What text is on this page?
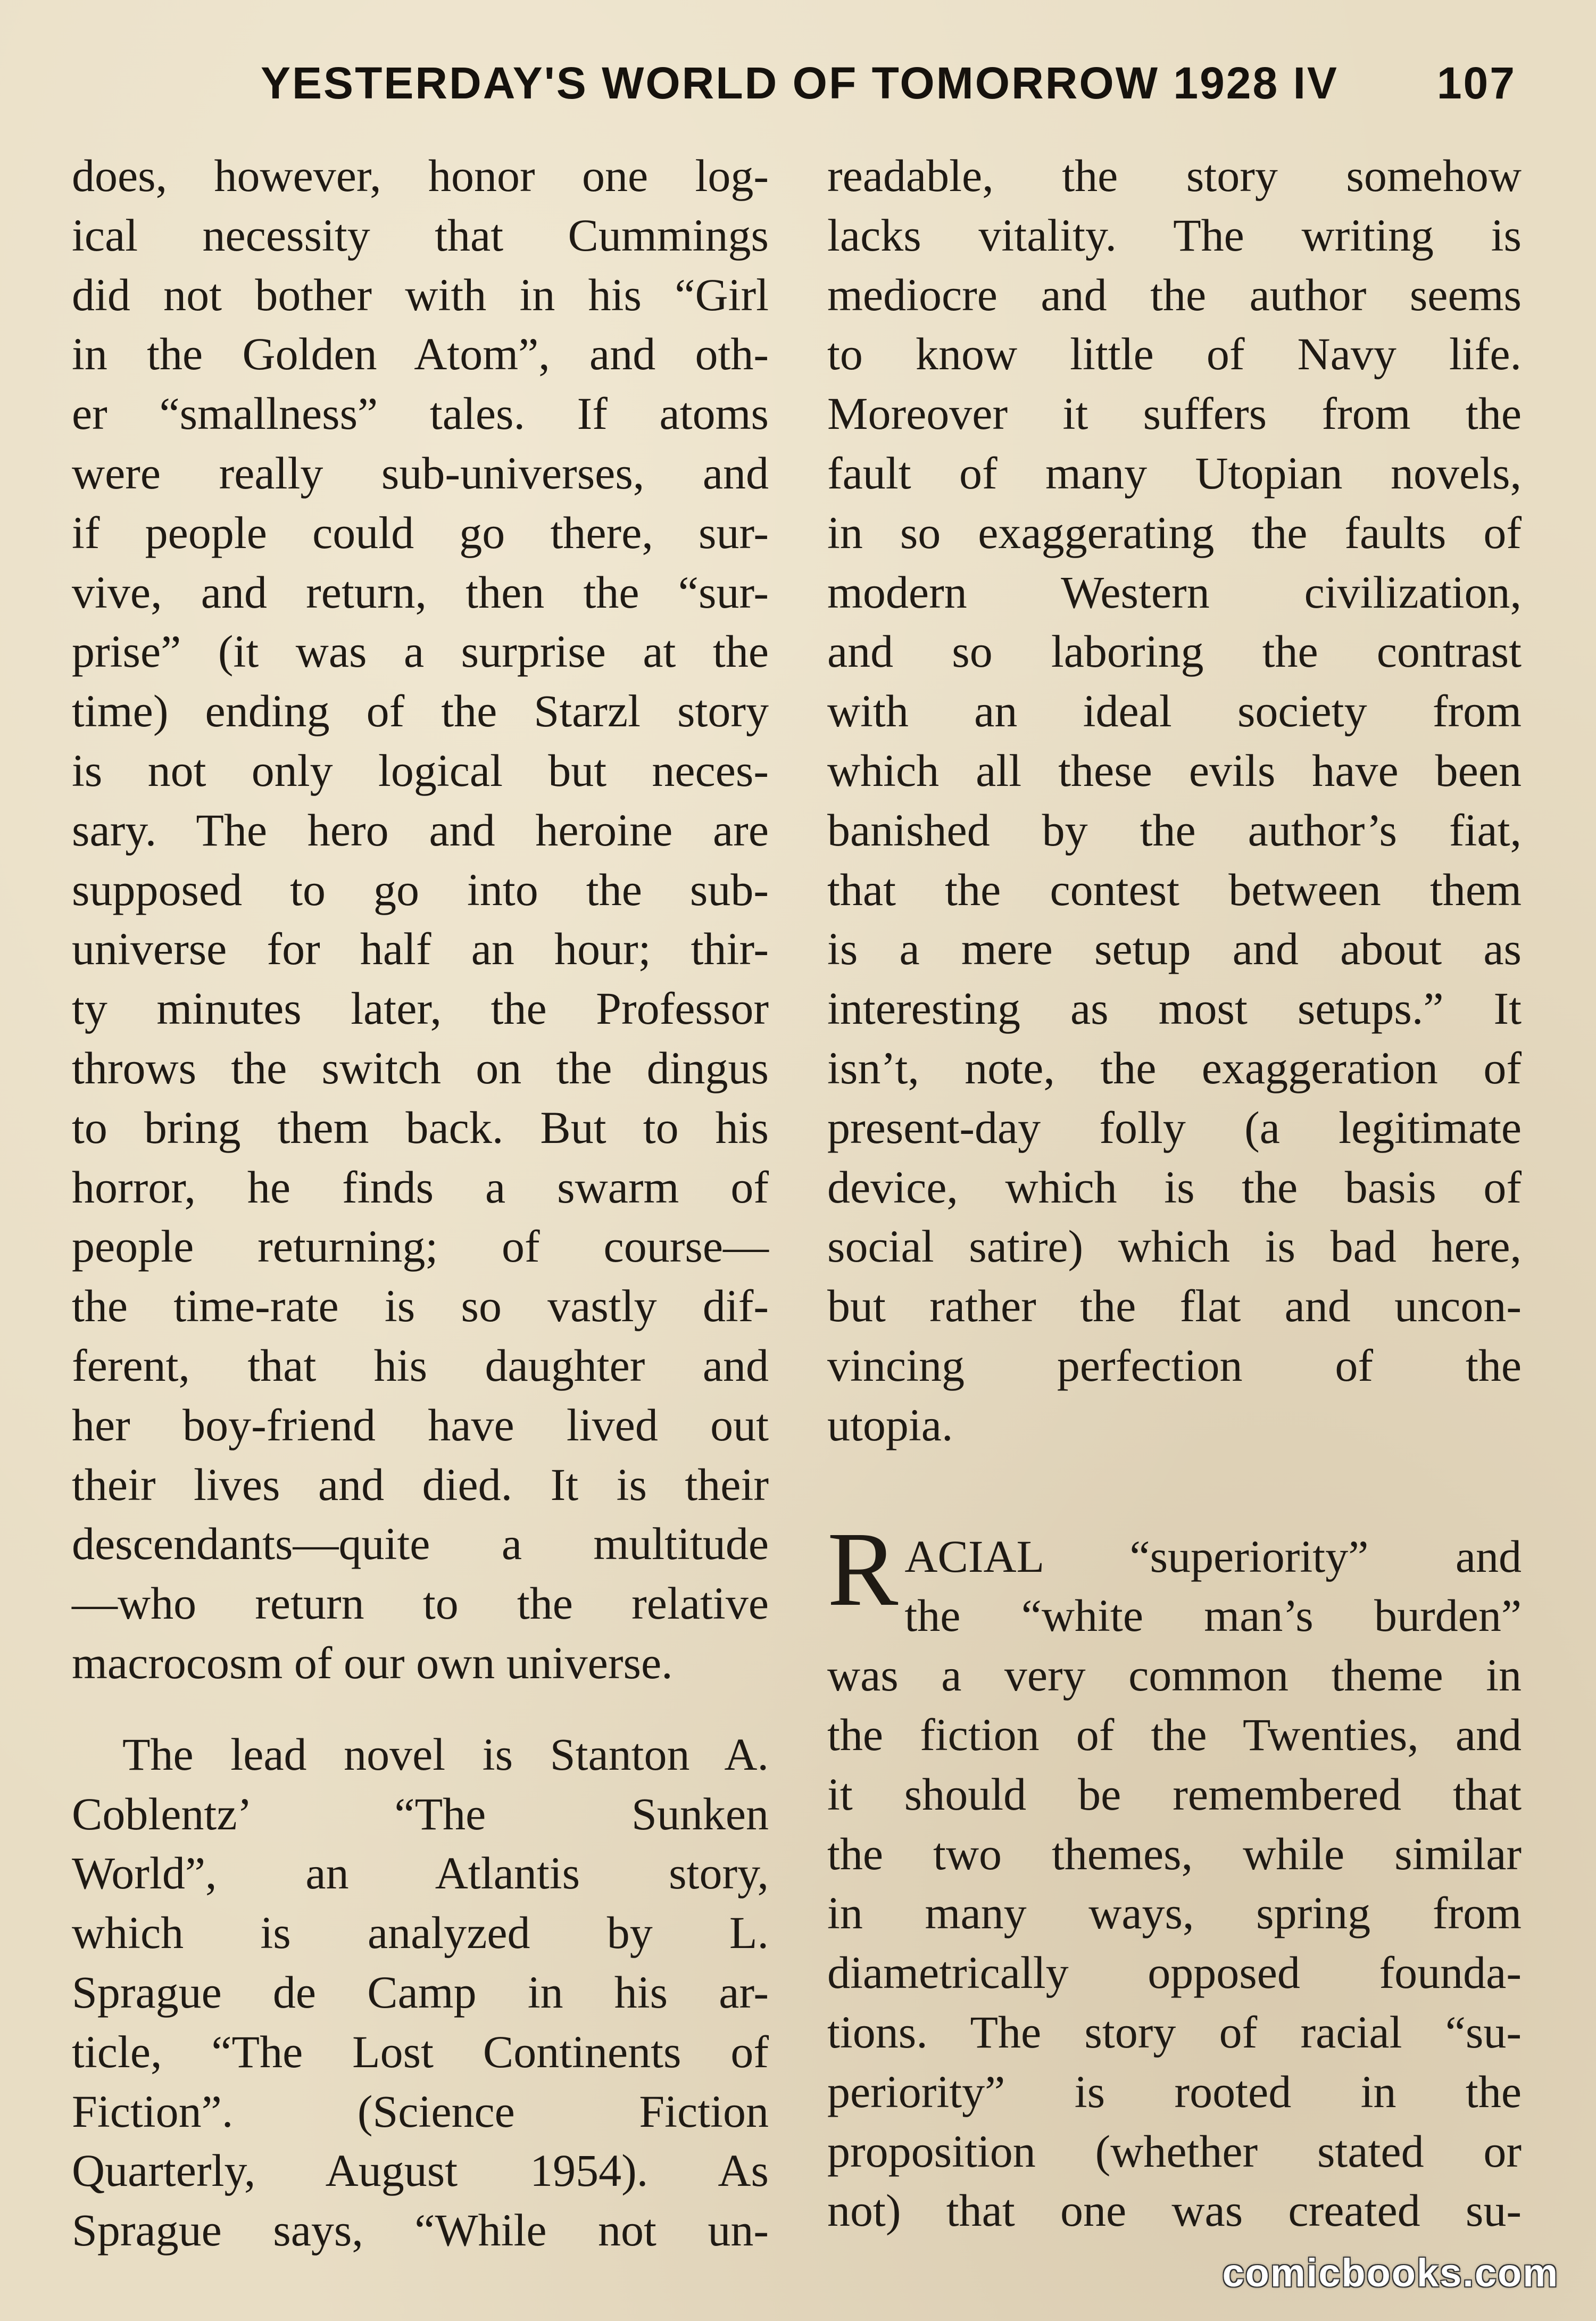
YESTERDAY'S WORLD OF TOMORROW 1928 IV 107
does, however, honor one log-
ical necessity that Cummings
did not bother with in his “Girl
in the Golden Atom”, and oth-
er “smallness” tales. If atoms
were really sub-universes, and
if people could go there, sur-
vive, and return, then the “sur-
prise” (it was a surprise at the
time) ending of the Starzl story
is not only logical but neces-
sary. The hero and heroine are
supposed to go into the sub-
universe for half an hour; thir-
ty minutes later, the Professor
throws the switch on the dingus
to bring them back. But to his
horror, he finds a swarm of
people returning; of course—
the time-rate is so vastly dif-
ferent, that his daughter and
her boy-friend have lived out
their lives and died. It is their
descendants—quite a multitude
—who return to the relative
macrocosm of our own universe.
The lead novel is Stanton A.
Coblentz’ “The Sunken
World”, an Atlantis story,
which is analyzed by L.
Sprague de Camp in his ar-
ticle, “The Lost Continents of
Fiction”. (Science Fiction
Quarterly, August 1954). As
Sprague says, “While not un-
readable, the story somehow
lacks vitality. The writing is
mediocre and the author seems
to know little of Navy life.
Moreover it suffers from the
fault of many Utopian novels,
in so exaggerating the faults of
modern Western civilization,
and so laboring the contrast
with an ideal society from
which all these evils have been
banished by the author’s fiat,
that the contest between them
is a mere setup and about as
interesting as most setups.” It
isn’t, note, the exaggeration of
present-day folly (a legitimate
device, which is the basis of
social satire) which is bad here,
but rather the flat and uncon-
vincing perfection of the
utopia.
R ACIAL “superiority” and
the “white man’s burden”
was a very common theme in
the fiction of the Twenties, and
it should be remembered that
the two themes, while similar
in many ways, spring from
diametrically opposed founda-
tions. The story of racial “su-
periority” is rooted in the
proposition (whether stated or
not) that one was created su-
comicbooks.com
